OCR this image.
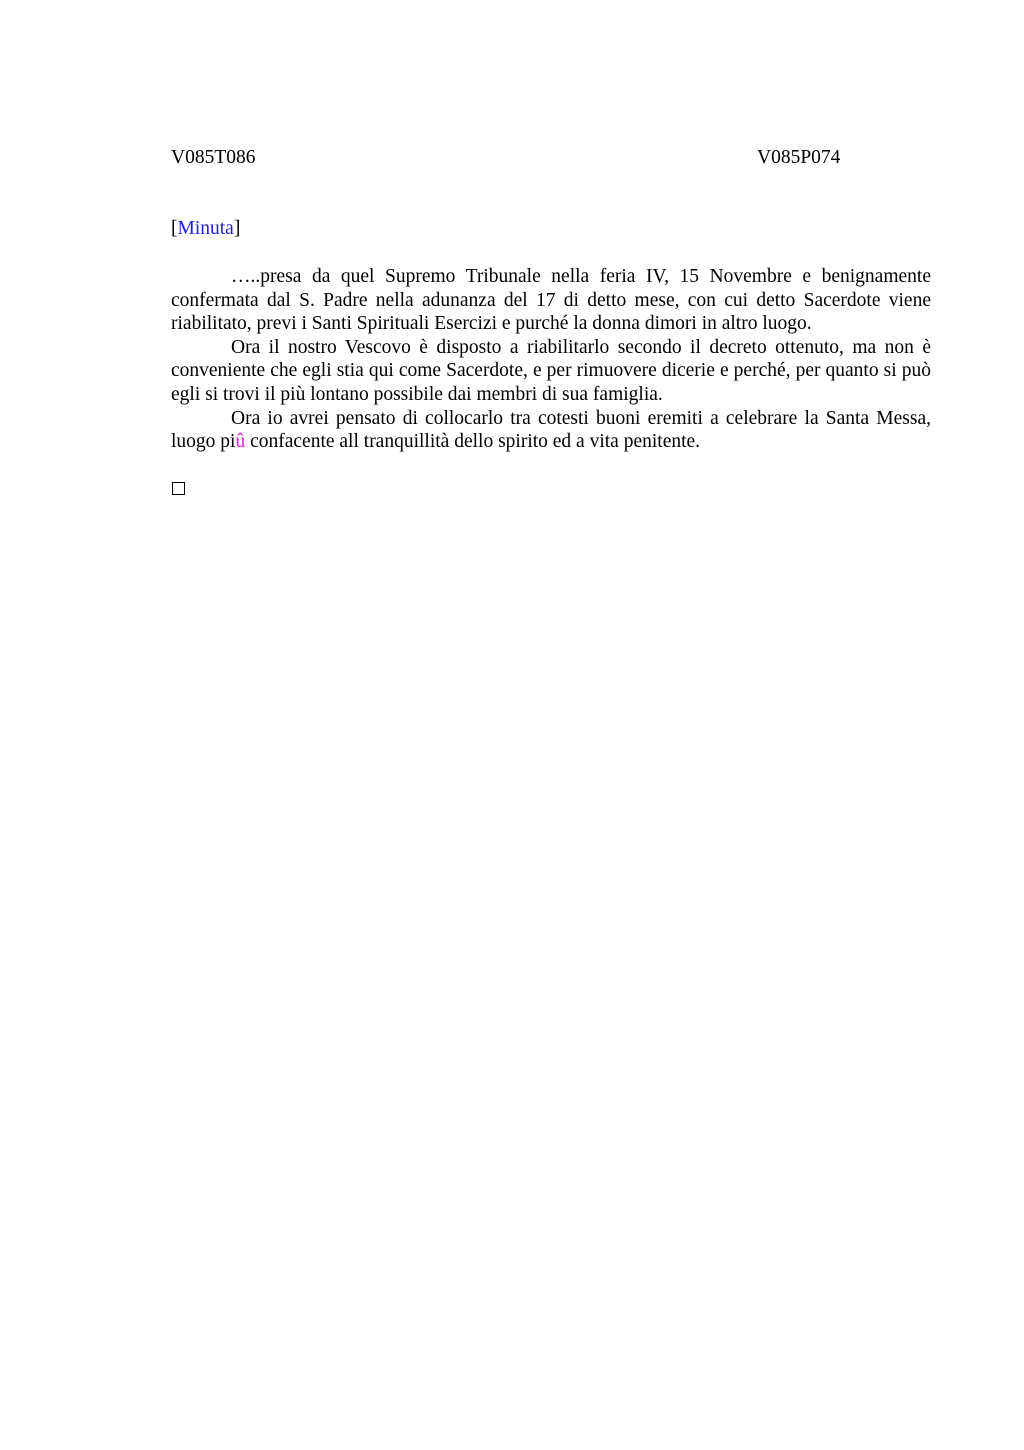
V085T086	V085P074
[Minuta]

…..presa da quel Supremo Tribunale nella feria IV, 15 Novembre e benignamente confermata dal S. Padre nella adunanza del 17 di detto mese, con cui detto Sacerdote viene riabilitato, previ i Santi Spirituali Esercizi e purché la donna dimori in altro luogo.

Ora il nostro Vescovo è disposto a riabilitarlo secondo il decreto ottenuto, ma non è conveniente che egli stia qui come Sacerdote, e per rimuovere dicerie e perché, per quanto si può egli si trovi il più lontano possibile dai membri di sua famiglia.

Ora io avrei pensato di collocarlo tra cotesti buoni eremiti a celebrare la Santa Messa, luogo piû confacente all tranquillità dello spirito ed a vita penitente.
